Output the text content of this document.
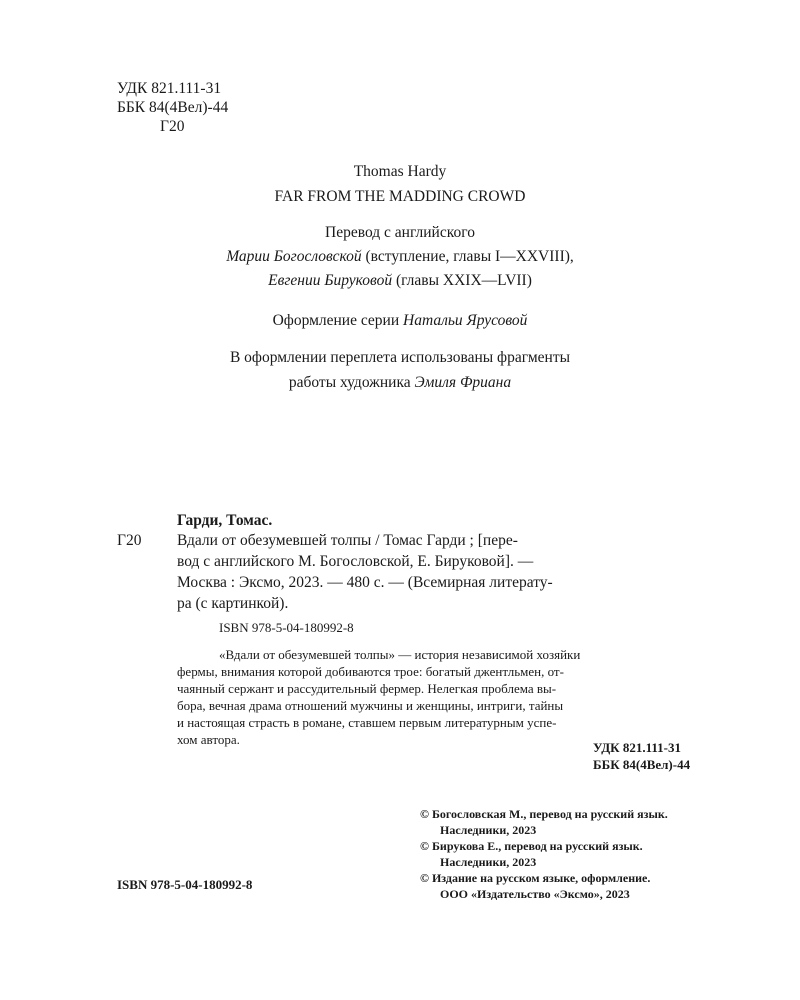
УДК 821.111-31
ББК 84(4Вел)-44
Г20
Thomas Hardy
FAR FROM THE MADDING CROWD
Перевод с английского
Марии Богословской (вступление, главы I—XXVIII),
Евгении Бируковой (главы XXIX—LVII)
Оформление серии Натальи Ярусовой
В оформлении переплета использованы фрагменты
работы художника Эмиля Фриана
Гарди, Томас.
Г20 Вдали от обезумевшей толпы / Томас Гарди ; [пере-
вод с английского М. Богословской, Е. Бируковой]. —
Москва : Эксмо, 2023. — 480 с. — (Всемирная литерату-
ра (с картинкой).
ISBN 978-5-04-180992-8
«Вдали от обезумевшей толпы» — история независимой хозяйки
фермы, внимания которой добиваются трое: богатый джентльмен, от-
чаянный сержант и рассудительный фермер. Нелегкая проблема вы-
бора, вечная драма отношений мужчины и женщины, интриги, тайны
и настоящая страсть в романе, ставшем первым литературным успе-
хом автора.
УДК 821.111-31
ББК 84(4Вел)-44
© Богословская М., перевод на русский язык.
Наследники, 2023
© Бирукова Е., перевод на русский язык.
Наследники, 2023
© Издание на русском языке, оформление.
ООО «Издательство «Эксмо», 2023
ISBN 978-5-04-180992-8
